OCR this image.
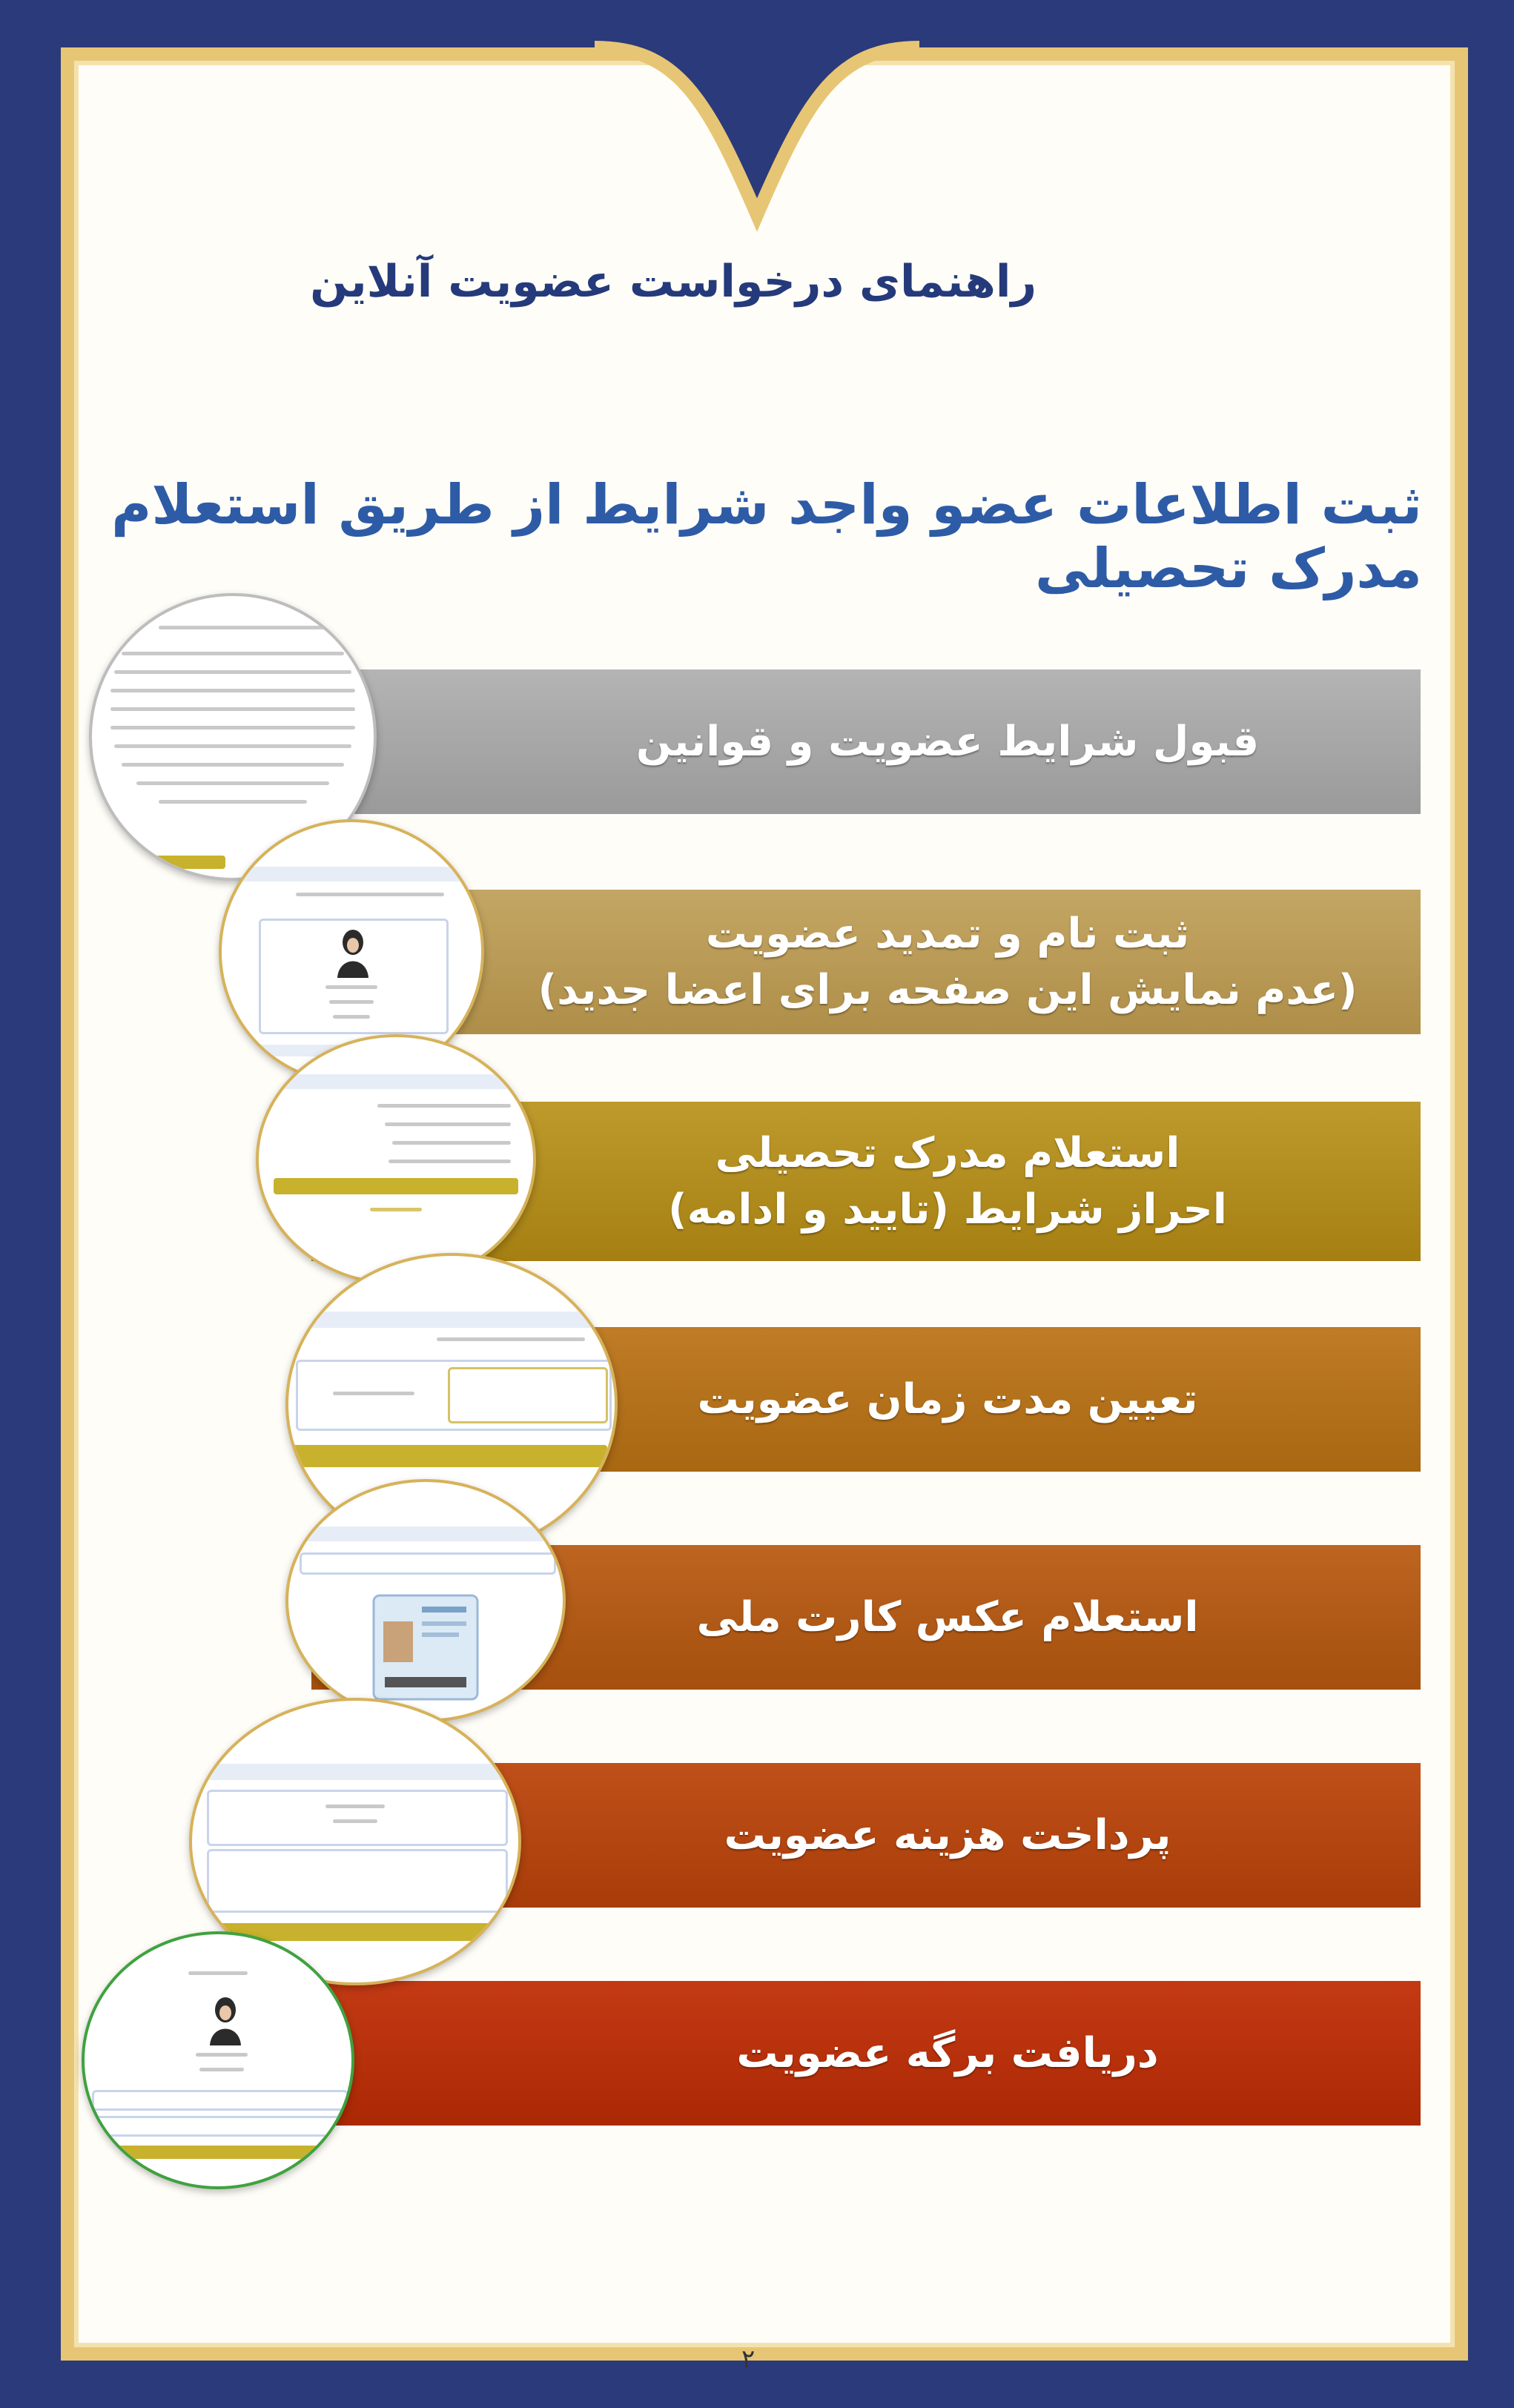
راهنمای درخواست عضویت آنلاین
ثبت اطلاعات عضو واجد شرایط از طریق استعلام مدرک تحصیلی
قبول شرایط عضویت و قوانین
ثبت نام و تمدید عضویت
(عدم نمایش این صفحه برای اعضا جدید)
استعلام مدرک تحصیلی
احراز شرایط (تایید و ادامه)
تعیین مدت زمان عضویت
استعلام عکس کارت ملی
پرداخت هزینه عضویت
دریافت برگه عضویت
۲
